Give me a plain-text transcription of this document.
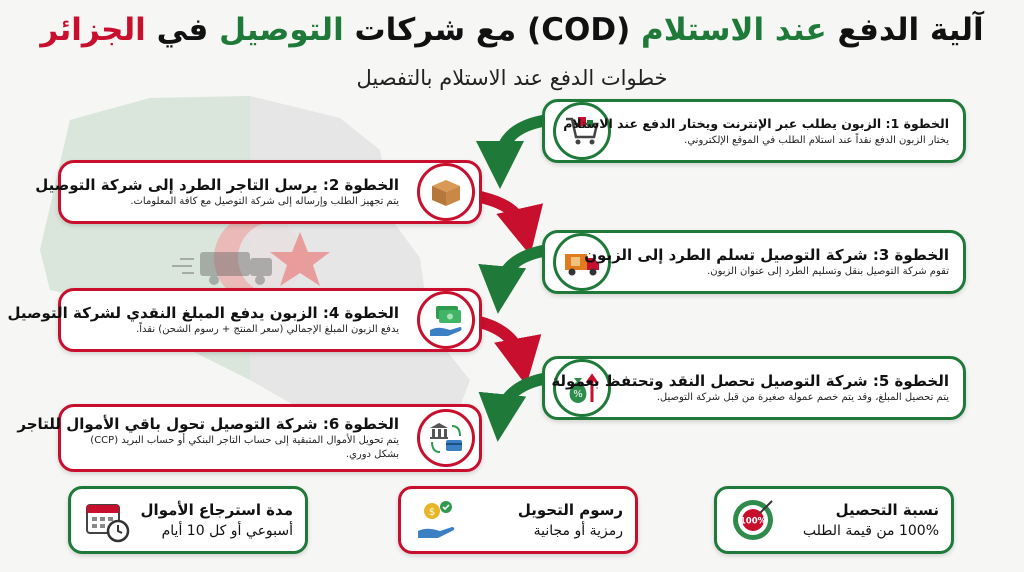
آلية الدفع عند الاستلام (COD) مع شركات التوصيل في الجزائر
خطوات الدفع عند الاستلام بالتفصيل
الخطوة 1: الزبون يطلب عبر الإنترنت ويختار الدفع عند الاستلام
يختار الزبون الدفع نقداً عند استلام الطلب في الموقع الإلكتروني.
الخطوة 2: يرسل التاجر الطرد إلى شركة التوصيل
يتم تجهيز الطلب وإرساله إلى شركة التوصيل مع كافة المعلومات.
الخطوة 3: شركة التوصيل تسلم الطرد إلى الزبون
تقوم شركة التوصيل بنقل وتسليم الطرد إلى عنوان الزبون.
الخطوة 4: الزبون يدفع المبلغ النقدي لشركة التوصيل
يدفع الزبون المبلغ الإجمالي (سعر المنتج + رسوم الشحن) نقداً.
%
الخطوة 5: شركة التوصيل تحصل النقد وتحتفظ بعمولة
يتم تحصيل المبلغ، وقد يتم خصم عمولة صغيرة من قبل شركة التوصيل.
الخطوة 6: شركة التوصيل تحول باقي الأموال للتاجر
يتم تحويل الأموال المتبقية إلى حساب التاجر البنكي أو حساب البريد (CCP) بشكل دوري.
مدة استرجاع الأموال
أسبوعي أو كل 10 أيام
$	رسوم التحويل
رمزية أو مجانية
100%
نسبة التحصيل
100% من قيمة الطلب
